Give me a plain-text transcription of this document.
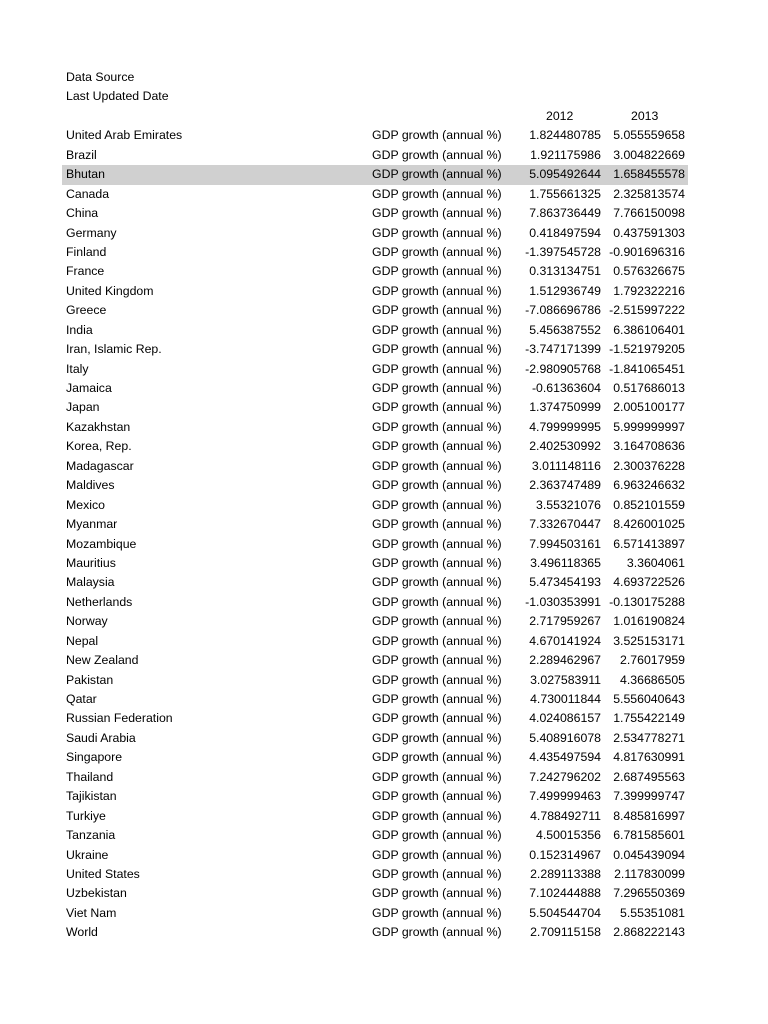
Data Source
Last Updated Date
2012	2013
United Arab Emirates	GDP growth (annual %) 1.824480785 5.055559658
Brazil	GDP growth (annual %) 1.921175986 3.004822669
Bhutan	GDP growth (annual %) 5.095492644 1.658455578
Canada	GDP growth (annual %) 1.755661325 2.325813574
China	GDP growth (annual %) 7.863736449 7.766150098
Germany	GDP growth (annual %) 0.418497594 0.437591303
Finland	GDP growth (annual %) -1.397545728 -0.901696316
France	GDP growth (annual %) 0.313134751 0.576326675
United Kingdom	GDP growth (annual %) 1.512936749 1.792322216
Greece	GDP growth (annual %) -7.086696786 -2.515997222
India	GDP growth (annual %) 5.456387552 6.386106401
Iran, Islamic Rep.	GDP growth (annual %) -3.747171399 -1.521979205
Italy	GDP growth (annual %) -2.980905768 -1.841065451
Jamaica	GDP growth (annual %) -0.61363604 0.517686013
Japan	GDP growth (annual %) 1.374750999 2.005100177
Kazakhstan	GDP growth (annual %) 4.799999995 5.999999997
Korea, Rep.	GDP growth (annual %) 2.402530992 3.164708636
Madagascar	GDP growth (annual %) 3.011148116 2.300376228
Maldives	GDP growth (annual %) 2.363747489 6.963246632
Mexico	GDP growth (annual %)	3.55321076 0.852101559
Myanmar	GDP growth (annual %) 7.332670447 8.426001025
Mozambique	GDP growth (annual %) 7.994503161 6.571413897
Mauritius	GDP growth (annual %) 3.496118365 3.3604061
Malaysia	GDP growth (annual %) 5.473454193 4.693722526
Netherlands	GDP growth (annual %) -1.030353991 -0.130175288
Norway	GDP growth (annual %) 2.717959267 1.016190824
Nepal	GDP growth (annual %) 4.670141924 3.525153171
New Zealand	GDP growth (annual %) 2.289462967 2.76017959
Pakistan	GDP growth (annual %) 3.027583911 4.36686505
Qatar	GDP growth (annual %) 4.730011844 5.556040643
Russian Federation	GDP growth (annual %) 4.024086157 1.755422149
Saudi Arabia	GDP growth (annual %) 5.408916078 2.534778271
Singapore	GDP growth (annual %) 4.435497594 4.817630991
Thailand	GDP growth (annual %) 7.242796202 2.687495563
Tajikistan	GDP growth (annual %) 7.499999463 7.399999747
Turkiye	GDP growth (annual %) 4.788492711 8.485816997
Tanzania	GDP growth (annual %)	4.50015356 6.781585601
Ukraine	GDP growth (annual %) 0.152314967 0.045439094
United States	GDP growth (annual %) 2.289113388 2.117830099
Uzbekistan	GDP growth (annual %) 7.102444888 7.296550369
Viet Nam	GDP growth (annual %) 5.504544704 5.55351081
World	GDP growth (annual %) 2.709115158 2.868222143
